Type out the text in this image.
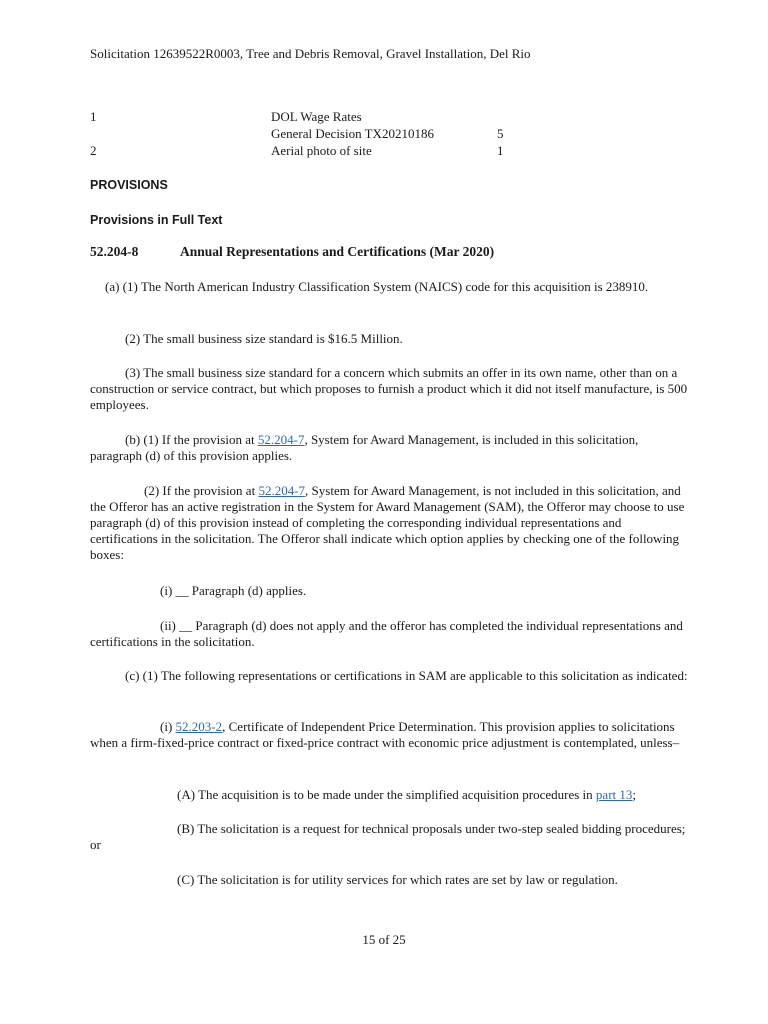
Solicitation 12639522R0003, Tree and Debris Removal, Gravel Installation, Del Rio
1	DOL Wage Rates
General Decision TX20210186	5
2	Aerial photo of site	1
PROVISIONS
Provisions in Full Text
52.204-8	Annual Representations and Certifications (Mar 2020)
(a) (1) The North American Industry Classification System (NAICS) code for this acquisition is 238910.
(2) The small business size standard is $16.5 Million.
(3) The small business size standard for a concern which submits an offer in its own name, other than on a construction or service contract, but which proposes to furnish a product which it did not itself manufacture, is 500 employees.
(b) (1) If the provision at 52.204-7, System for Award Management, is included in this solicitation, paragraph (d) of this provision applies.
(2) If the provision at 52.204-7, System for Award Management, is not included in this solicitation, and the Offeror has an active registration in the System for Award Management (SAM), the Offeror may choose to use paragraph (d) of this provision instead of completing the corresponding individual representations and certifications in the solicitation. The Offeror shall indicate which option applies by checking one of the following boxes:
(i) __ Paragraph (d) applies.
(ii) __ Paragraph (d) does not apply and the offeror has completed the individual representations and certifications in the solicitation.
(c) (1) The following representations or certifications in SAM are applicable to this solicitation as indicated:
(i) 52.203-2, Certificate of Independent Price Determination. This provision applies to solicitations when a firm-fixed-price contract or fixed-price contract with economic price adjustment is contemplated, unless–
(A) The acquisition is to be made under the simplified acquisition procedures in part 13;
(B) The solicitation is a request for technical proposals under two-step sealed bidding procedures; or
(C) The solicitation is for utility services for which rates are set by law or regulation.
15 of 25
